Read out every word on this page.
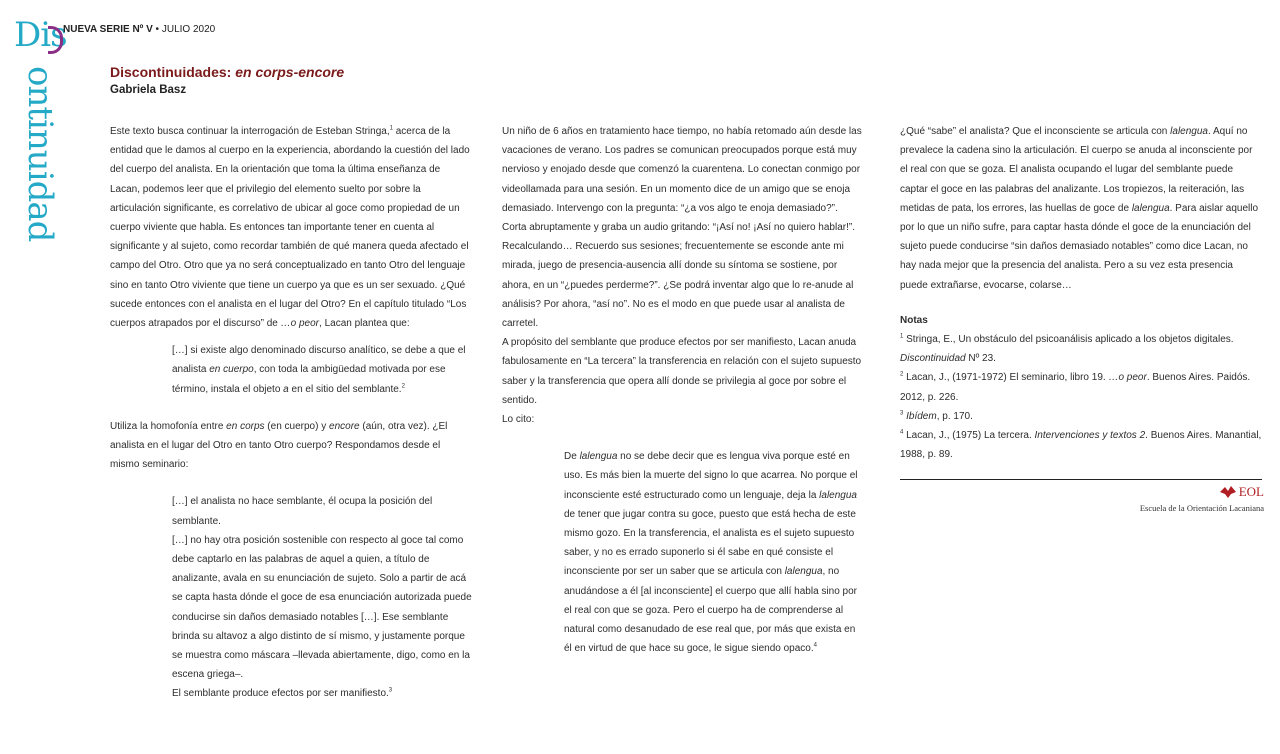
Dis
ontinuidad
NUEVA SERIE Nº V • JULIO 2020
Discontinuidades: en corps-encore
Gabriela Basz

Este texto busca continuar la interrogación de Esteban Stringa,$^1$ acerca de la entidad que le damos al cuerpo en la experiencia, abordando la cuestión del lado del cuerpo del analista. En la orientación que toma la última enseñanza de Lacan, podemos leer que el privilegio del elemento suelto por sobre la articulación significante, es correlativo de ubicar al goce como propiedad de un cuerpo viviente que habla. Es entonces tan importante tener en cuenta al significante y al sujeto, como recordar también de qué manera queda afectado el campo del Otro. Otro que ya no será conceptualizado en tanto Otro del lenguaje sino en tanto Otro viviente que tiene un cuerpo ya que es un ser sexuado. ¿Qué sucede entonces con el analista en el lugar del Otro? En el capítulo titulado “Los cuerpos atrapados por el discurso” de …o peor, Lacan plantea que:

[…] si existe algo denominado discurso analítico, se debe a que el analista en cuerpo, con toda la ambigüedad motivada por ese término, instala el objeto a en el sitio del semblante.$^2$

Utiliza la homofonía entre en corps (en cuerpo) y encore (aún, otra vez). ¿El analista en el lugar del Otro en tanto Otro cuerpo? Respondamos desde el mismo seminario:

[…] el analista no hace semblante, él ocupa la posición del semblante.

[…] no hay otra posición sostenible con respecto al goce tal como debe captarlo en las palabras de aquel a quien, a título de analizante, avala en su enunciación de sujeto. Solo a partir de acá se capta hasta dónde el goce de esa enunciación autorizada puede conducirse sin daños demasiado notables […]. Ese semblante brinda su altavoz a algo distinto de sí mismo, y justamente porque se muestra como máscara –llevada abiertamente, digo, como en la escena griega–.

El semblante produce efectos por ser manifiesto.$^3$

Un niño de 6 años en tratamiento hace tiempo, no había retomado aún desde las vacaciones de verano. Los padres se comunican preocupados porque está muy nervioso y enojado desde que comenzó la cuarentena. Lo conectan conmigo por videollamada para una sesión. En un momento dice de un amigo que se enoja demasiado. Intervengo con la pregunta: “¿a vos algo te enoja demasiado?”. Corta abruptamente y graba un audio gritando: “¡Así no! ¡Así no quiero hablar!”. Recalculando… Recuerdo sus sesiones; frecuentemente se esconde ante mi mirada, juego de presencia-ausencia allí donde su síntoma se sostiene, por ahora, en un “¿puedes perderme?”. ¿Se podrá inventar algo que lo re-anude al análisis? Por ahora, “así no”. No es el modo en que puede usar al analista de carretel.

A propósito del semblante que produce efectos por ser manifiesto, Lacan anuda fabulosamente en “La tercera” la transferencia en relación con el sujeto supuesto saber y la transferencia que opera allí donde se privilegia al goce por sobre el sentido.

Lo cito:

De lalengua no se debe decir que es lengua viva porque esté en uso. Es más bien la muerte del signo lo que acarrea. No porque el inconsciente esté estructurado como un lenguaje, deja la lalengua de tener que jugar contra su goce, puesto que está hecha de este mismo gozo. En la transferencia, el analista es el sujeto supuesto saber, y no es errado suponerlo si él sabe en qué consiste el inconsciente por ser un saber que se articula con lalengua, no anudándose a él [al inconsciente] el cuerpo que allí habla sino por el real con que se goza. Pero el cuerpo ha de comprenderse al natural como desanudado de ese real que, por más que exista en él en virtud de que hace su goce, le sigue siendo opaco.$^4$

¿Qué “sabe” el analista? Que el inconsciente se articula con lalengua. Aquí no prevalece la cadena sino la articulación. El cuerpo se anuda al inconsciente por el real con que se goza. El analista ocupando el lugar del semblante puede captar el goce en las palabras del analizante. Los tropiezos, la reiteración, las metidas de pata, los errores, las huellas de goce de lalengua. Para aislar aquello por lo que un niño sufre, para captar hasta dónde el goce de la enunciación del sujeto puede conducirse “sin daños demasiado notables” como dice Lacan, no hay nada mejor que la presencia del analista. Pero a su vez esta presencia puede extrañarse, evocarse, colarse…

Notas

$^1$ Stringa, E., Un obstáculo del psicoanálisis aplicado a los objetos digitales. Discontinuidad Nº 23.

$^2$ Lacan, J., (1971-1972) El seminario, libro 19. …o peor. Buenos Aires. Paidós. 2012, p. 226.

$^3$ Ibídem, p. 170.

$^4$ Lacan, J., (1975) La tercera. Intervenciones y textos 2. Buenos Aires. Manantial, 1988, p. 89.

EOL
Escuela de la Orientación Lacaniana
